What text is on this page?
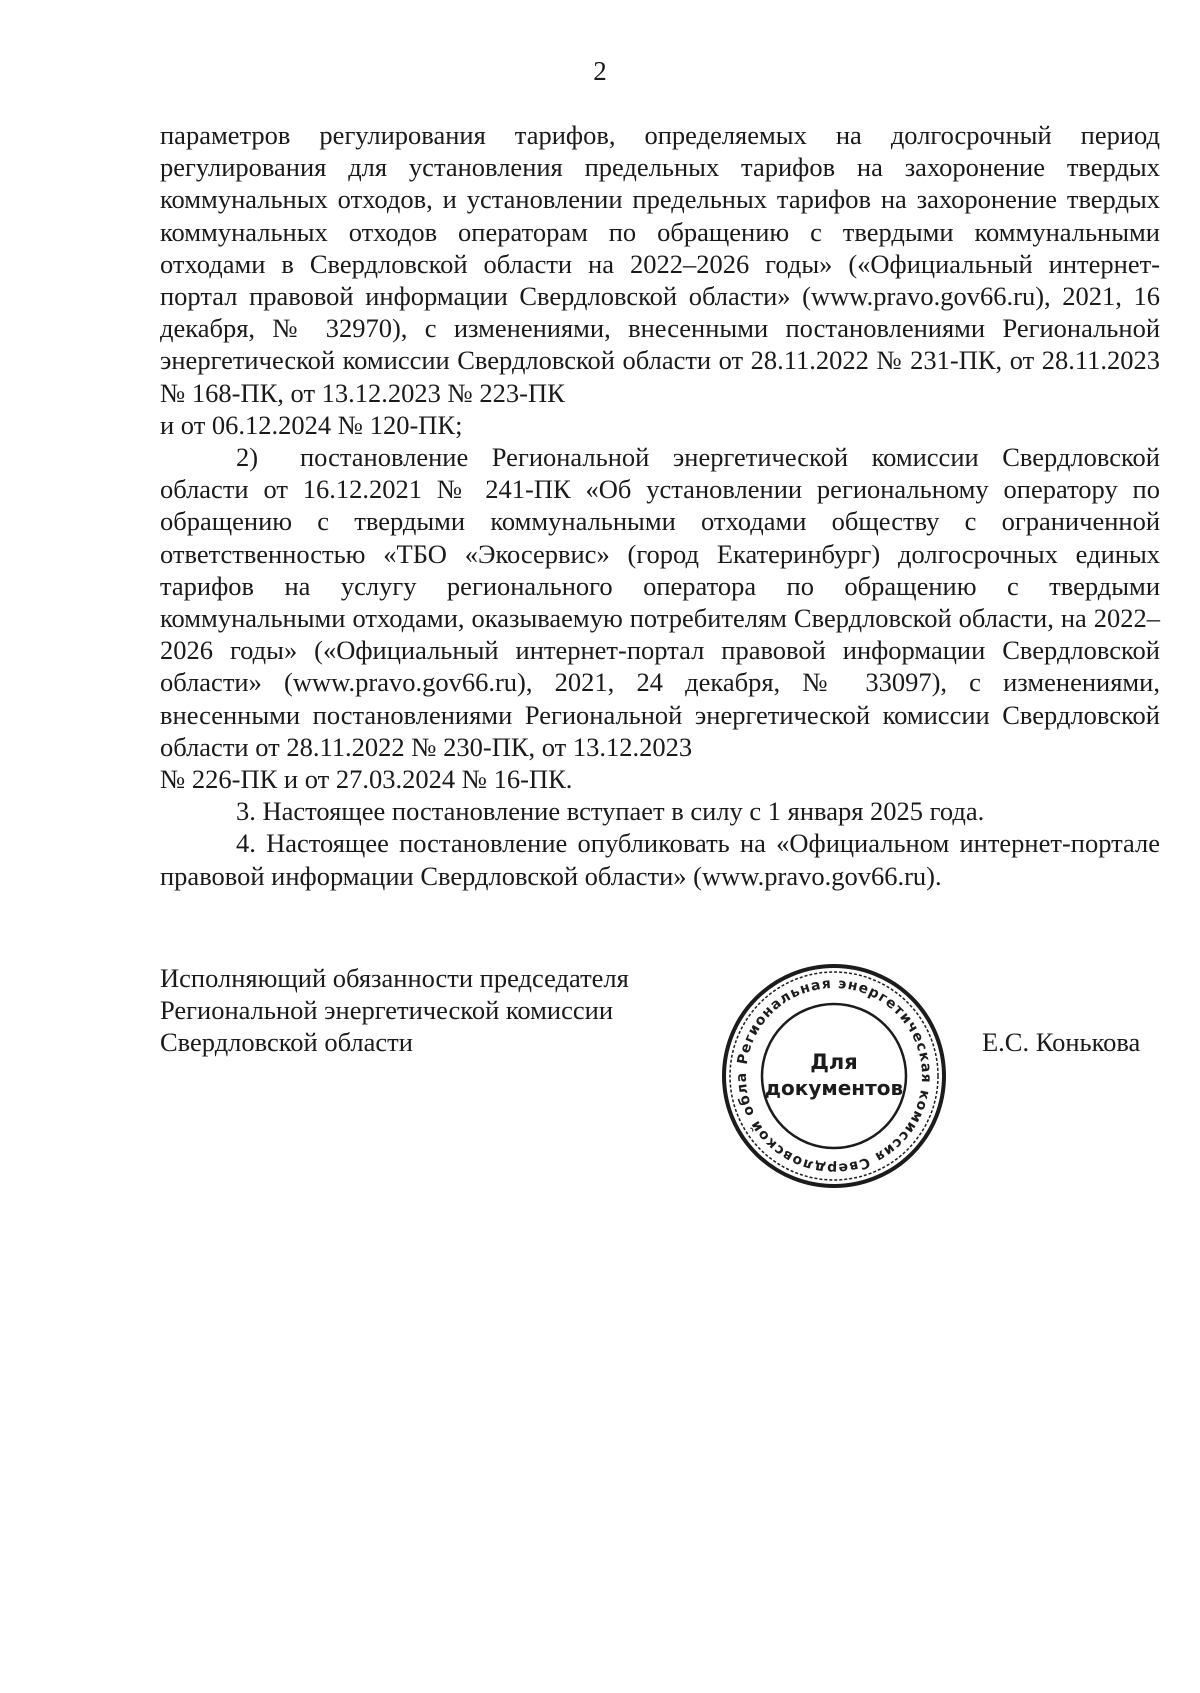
2

параметров регулирования тарифов, определяемых на долгосрочный период регулирования для установления предельных тарифов на захоронение твердых коммунальных отходов, и установлении предельных тарифов на захоронение твердых коммунальных отходов операторам по обращению с твердыми коммунальными отходами в Свердловской области на 2022–2026 годы» («Официальный интернет-портал правовой информации Свердловской области» (www.pravo.gov66.ru), 2021, 16 декабря, № 32970), с изменениями, внесенными постановлениями Региональной энергетической комиссии Свердловской области от 28.11.2022 № 231-ПК, от 28.11.2023 № 168-ПК, от 13.12.2023 № 223-ПК

и от 06.12.2024 № 120-ПК;

2) постановление Региональной энергетической комиссии Свердловской области от 16.12.2021 № 241-ПК «Об установлении региональному оператору по обращению с твердыми коммунальными отходами обществу с ограниченной ответственностью «ТБО «Экосервис» (город Екатеринбург) долгосрочных единых тарифов на услугу регионального оператора по обращению с твердыми коммунальными отходами, оказываемую потребителям Свердловской области, на 2022–2026 годы» («Официальный интернет-портал правовой информации Свердловской области» (www.pravo.gov66.ru), 2021, 24 декабря, № 33097), с изменениями, внесенными постановлениями Региональной энергетической комиссии Свердловской области от 28.11.2022 № 230-ПК, от 13.12.2023

№ 226-ПК и от 27.03.2024 № 16-ПК.

3. Настоящее постановление вступает в силу с 1 января 2025 года.

4. Настоящее постановление опубликовать на «Официальном интернет-портале правовой информации Свердловской области» (www.pravo.gov66.ru).

Исполняющий обязанности председателя
Региональной энергетической комиссии
Свердловской области
Региональная энергетическая комиссия Свердловской обла
Для
документов
Е.С. Конькова
